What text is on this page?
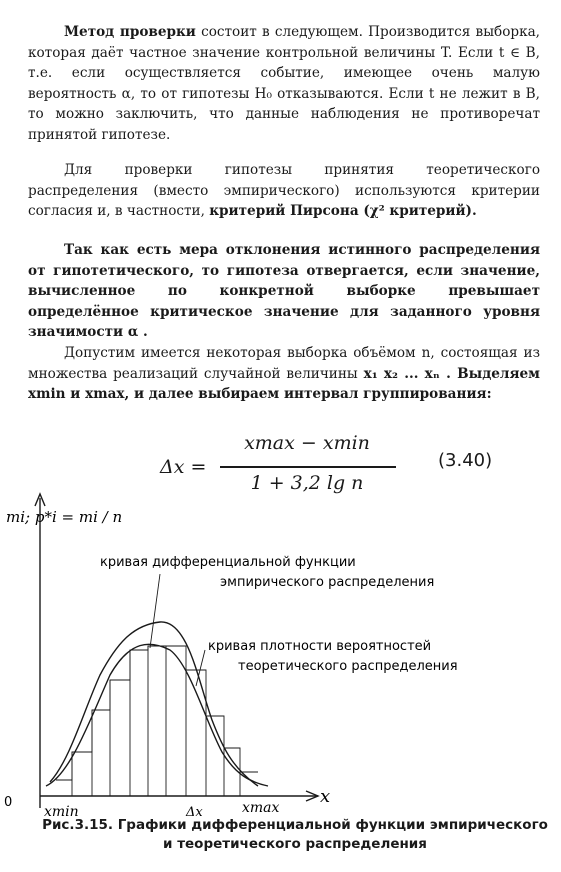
Метод проверки состоит в следующем. Производится выборка, которая даёт частное значение контрольной величины T. Если t ∈ B, т.е. если осуществляется событие, имеющее очень малую вероятность α, то от гипотезы H₀ отказываются. Если t не лежит в B, то можно заключить, что данные наблюдения не противоречат принятой гипотезе.

Для проверки гипотезы принятия теоретического распределения (вместо эмпирического) используются критерии согласия и, в частности, критерий Пирсона (χ² критерий).

Так как есть мера отклонения истинного распределения от гипотетического, то гипотеза отвергается, если значение, вычисленное по конкретной выборке превышает определённое критическое значение для заданного уровня значимости α .

Допустим имеется некоторая выборка объёмом n, состоящая из множества реализаций случайной величины x₁ x₂ ... xₙ . Выделяем xmin и xmax, и далее выбираем интервал группирования:

Δx =
xmax − xmin
1 + 3,2 lg n
(3.40)
mi; p*i = mi / n
x
0
кривая дифференциальной функции
эмпирического распределения
кривая плотности вероятностей
теоретического распределения
xmin	Δx	xmax

Рис.3.15. Графики дифференциальной функции эмпирического и теоретического распределения
